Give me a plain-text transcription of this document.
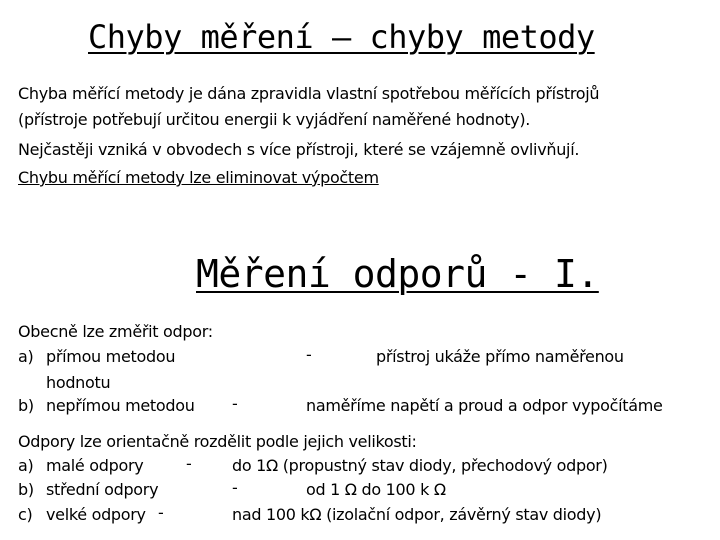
Chyby měření – chyby metody
Chyba měřící metody je dána zpravidla vlastní spotřebou měřících přístrojů
(přístroje potřebují určitou energii k vyjádření naměřené hodnoty).
Nejčastěji vzniká v obvodech s více přístroji, které se vzájemně ovlivňují.
Chybu měřící metody lze eliminovat výpočtem
Měření odporů - I.
Obecně lze změřit odpor:
a) přímou metodou	-	přístroj ukáže přímo naměřenou
hodnotu
b) nepřímou metodou -	naměříme napětí a proud a odpor vypočítáme
Odpory lze orientačně rozdělit podle jejich velikosti:
a) malé odpory	-	do 1Ω (propustný stav diody, přechodový odpor)
b) střední odpory	-	od 1 Ω do 100 k Ω
c) velké odpory -	nad 100 kΩ (izolační odpor, závěrný stav diody)
